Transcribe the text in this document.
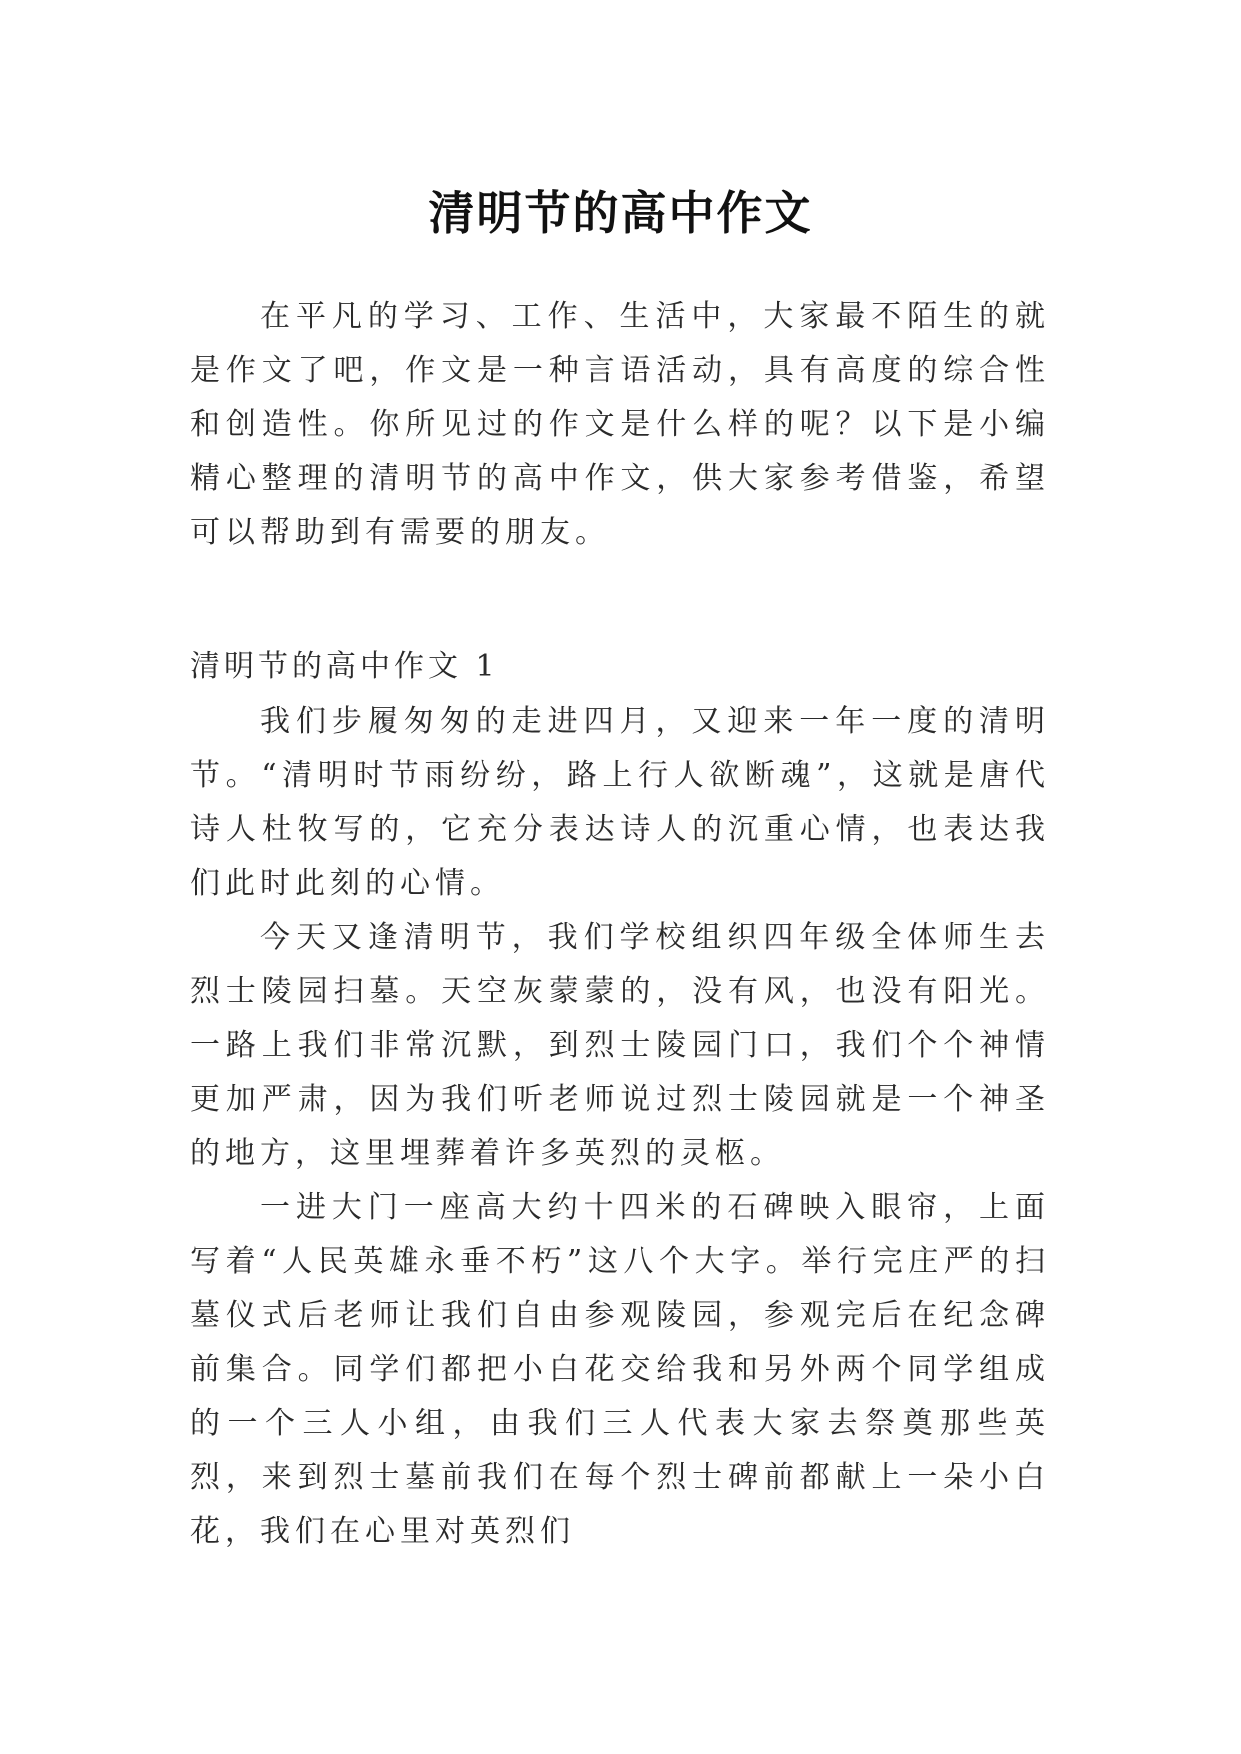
清明节的高中作文

在平凡的学习、工作、生活中，大家最不陌生的就是作文了吧，作文是一种言语活动，具有高度的综合性和创造性。你所见过的作文是什么样的呢？以下是小编精心整理的清明节的高中作文，供大家参考借鉴，希望可以帮助到有需要的朋友。

清明节的高中作文 1

我们步履匆匆的走进四月，又迎来一年一度的清明节。“清明时节雨纷纷，路上行人欲断魂”，这就是唐代诗人杜牧写的，它充分表达诗人的沉重心情，也表达我们此时此刻的心情。

今天又逢清明节，我们学校组织四年级全体师生去烈士陵园扫墓。天空灰蒙蒙的，没有风，也没有阳光。一路上我们非常沉默，到烈士陵园门口，我们个个神情更加严肃，因为我们听老师说过烈士陵园就是一个神圣的地方，这里埋葬着许多英烈的灵柩。

一进大门一座高大约十四米的石碑映入眼帘，上面写着“人民英雄永垂不朽”这八个大字。举行完庄严的扫墓仪式后老师让我们自由参观陵园，参观完后在纪念碑前集合。同学们都把小白花交给我和另外两个同学组成的一个三人小组，由我们三人代表大家去祭奠那些英烈，来到烈士墓前我们在每个烈士碑前都献上一朵小白花，我们在心里对英烈们
